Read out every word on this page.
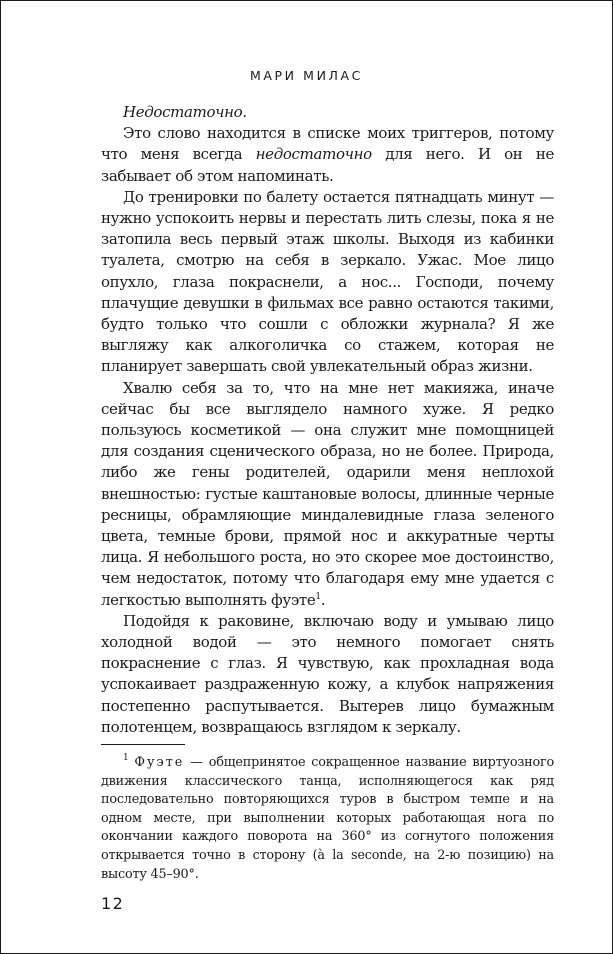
МАРИ МИЛАС

Недостаточно.

Это слово находится в списке моих триггеров, потому что меня всегда недостаточно для него. И он не забывает об этом напоминать.

До тренировки по балету остается пятнадцать минут — нужно успокоить нервы и перестать лить слезы, пока я не затопила весь первый этаж школы. Выходя из кабинки туалета, смотрю на себя в зеркало. Ужас. Мое лицо опухло, глаза покраснели, а нос... Господи, почему плачущие девушки в фильмах все равно остаются такими, будто только что сошли с обложки журнала? Я же выгляжу как алкоголичка со стажем, которая не планирует завершать свой увлекательный образ жизни.

Хвалю себя за то, что на мне нет макияжа, иначе сейчас бы все выглядело намного хуже. Я редко пользуюсь косметикой — она служит мне помощницей для создания сценического образа, но не более. Природа, либо же гены родителей, одарили меня неплохой внешностью: густые каштановые волосы, длинные черные ресницы, обрамляющие миндалевидные глаза зеленого цвета, темные брови, прямой нос и аккуратные черты лица. Я небольшого роста, но это скорее мое достоинство, чем недостаток, потому что благодаря ему мне удается с легкостью выполнять фуэте$^1$.

Подойдя к раковине, включаю воду и умываю лицо холодной водой — это немного помогает снять покраснение с глаз. Я чувствую, как прохладная вода успокаивает раздраженную кожу, а клубок напряжения постепенно распутывается. Вытерев лицо бумажным полотенцем, возвращаюсь взглядом к зеркалу.

$^1$ Фуэте — общепринятое сокращенное название виртуозного движения классического танца, исполняющегося как ряд последовательно повторяющихся туров в быстром темпе и на одном месте, при выполнении которых работающая нога по окончании каждого поворота на 360° из согнутого положения открывается точно в сторону (à la seconde, на 2-ю позицию) на высоту 45–90°.

12
